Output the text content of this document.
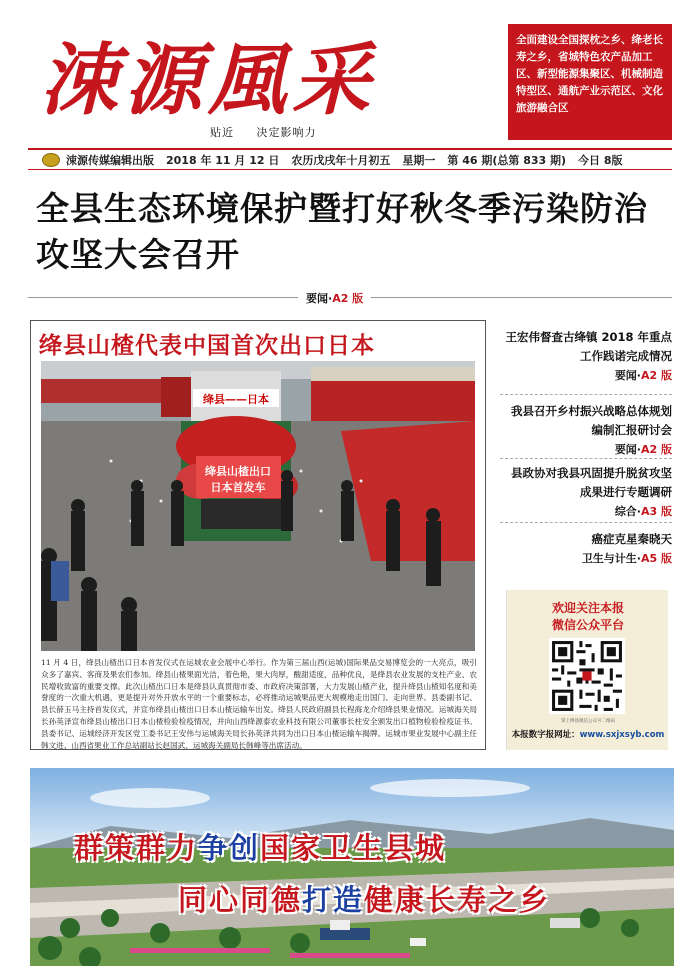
涑源風采
贴近 决定影响力
全面建设全国探枕之乡、绛老长寿之乡，省城特色农产品加工区、新型能源集聚区、机械制造特型区、通航产业示范区、文化旅游融合区
涑源传媒编辑出版 2018 年 11 月 12 日 农历戊戌年十月初五 星期一 第 46 期(总第 833 期) 今日 8版
全县生态环境保护暨打好秋冬季污染防治攻坚大会召开
要闻·A2 版
绛县山楂代表中国首次出口日本
绛县——日本
绛县山楂出口
日本首发车
11 月 4 日，绛县山楂出口日本首发仪式在运城农业会展中心举行。作为第三届山西(运城)国际果品交易博览会的一大亮点，吸引众多了嘉宾、客商及果农们参加。绛县山楂果面光洁，着色艳，果大肉厚，酸甜适度，品种优良，是绛县农业发展的支柱产业、农民增收致富的重要支撑。此次山楂出口日本是绛县认真贯彻市委、市政府决策部署，大力发展山楂产业，提升绛县山楂知名度和美誉度的一次重大机遇，更是提升对外开放水平的一个重要标志，必将推动运城果品更大规模地走出国门、走向世界。县委副书记、县长薛玉马主持首发仪式，并宣布绛县山楂出口日本山楂运输车出发。绛县人民政府副县长程海龙介绍绛县果业情况。运城海关局长孙英泽宣布绛县山楂出口日本山楂检验检疫情况，并向山西绛源泰农业科技有限公司董事长柱安全颁发出口植物检验检疫证书。县委书记、运城经济开发区党工委书记王安伟与运城海关局长孙英泽共同为出口日本山楂运输车揭牌。运城市果业发展中心副主任韩文进、山西省果业工作总站副站长赵国武、运城海关副局长韩峰等出席活动。
王宏伟督查古绛镇 2018 年重点工作践诺完成情况
要闻·A2 版
我县召开乡村振兴战略总体规划编制汇报研讨会
要闻·A2 版
县政协对我县巩固提升脱贫攻坚成果进行专题调研
综合·A3 版
癌症克星秦晓天
卫生与计生·A5 版
欢迎关注本报
微信公众平台
掌上绛县微信公众号二维码
本报数字报网址：www.sxjxsyb.com
群策群力争创国家卫生县城
同心同德打造健康长寿之乡
